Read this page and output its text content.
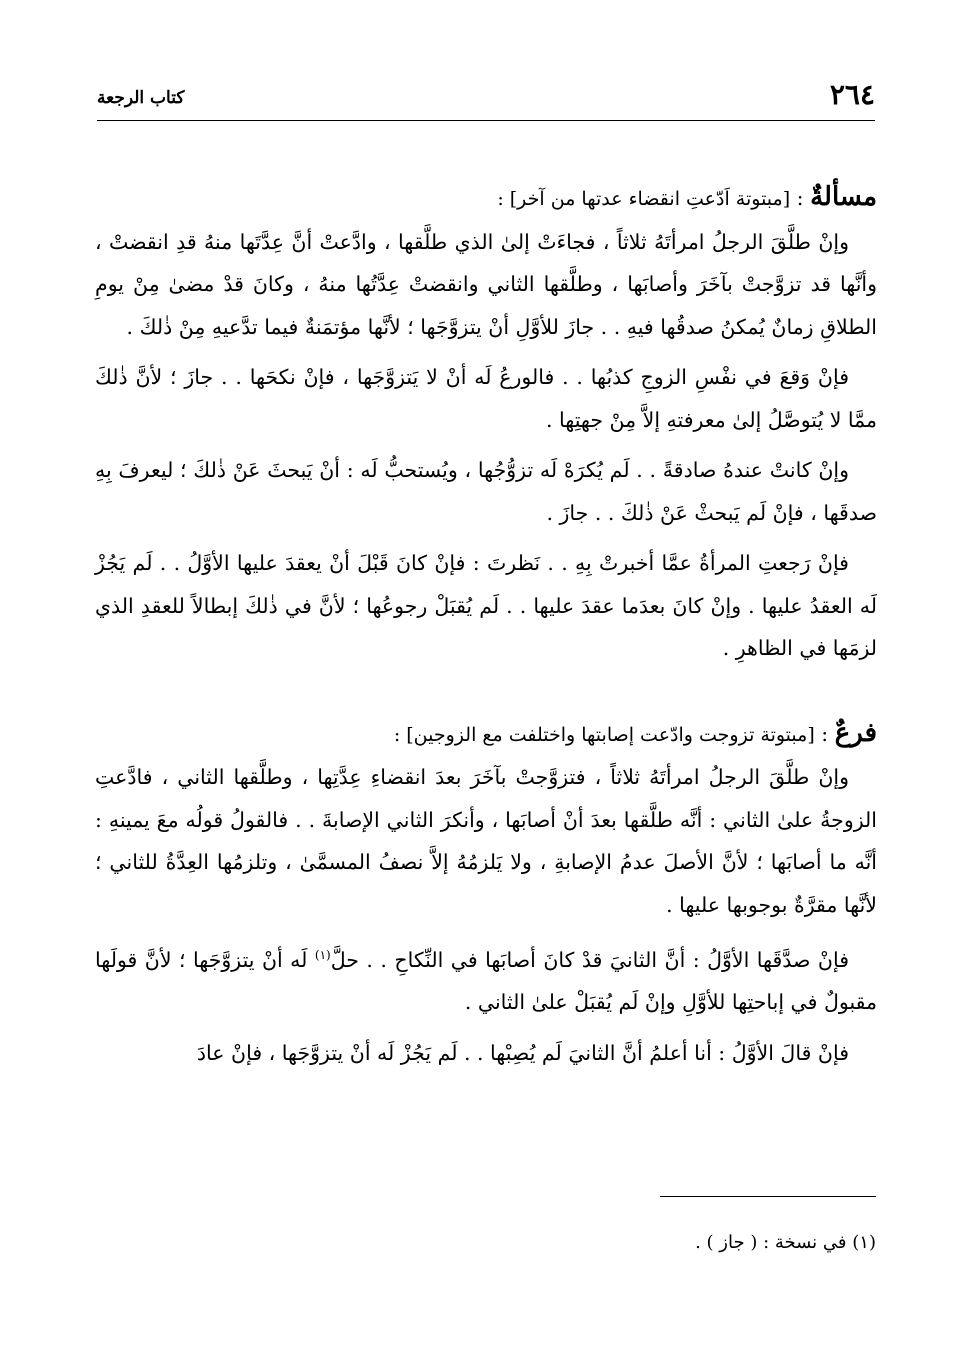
٢٦٤
كتاب الرجعة

مسألةٌ : [مبتوتة اَدّعتِ انقضاء عدتها من آخر] :

وإنْ طلَّقَ الرجلُ امرأتَهُ ثلاثاً ، فجاءَتْ إلىٰ الذي طلَّقها ، وادَّعتْ أنَّ عِدَّتَها منهُ قدِ انقضتْ ، وأنَّها قد تزوَّجتْ بآخَرَ وأصابَها ، وطلَّقها الثاني وانقضتْ عِدَّتُها منهُ ، وكانَ قدْ مضىٰ مِنْ يومِ الطلاقِ زمانٌ يُمكنُ صدقُها فيهِ . . جازَ للأوَّلِ أنْ يتزوَّجَها ؛ لأنَّها مؤتمَنةٌ فيما تدَّعيهِ مِنْ ذٰلكَ .

فإنْ وَقعَ في نفْسِ الزوجِ كذبُها . . فالورعُ لَه أنْ لا يَتزوَّجَها ، فإنْ نكحَها . . جازَ ؛ لأنَّ ذٰلكَ ممَّا لا يُتوصَّلُ إلىٰ معرفتهِ إلاَّ مِنْ جهتِها .

وإنْ كانتْ عندهُ صادقةً . . لَم يُكرَهْ لَه تزوُّجُها ، ويُستحبُّ لَه : أنْ يَبحثَ عَنْ ذٰلكَ ؛ ليعرفَ بِهِ صدقَها ، فإنْ لَم يَبحثْ عَنْ ذٰلكَ . . جازَ .

فإنْ رَجعتِ المرأةُ عمَّا أخبرتْ بِهِ . . نَظرتَ : فإنْ كانَ قَبْلَ أنْ يعقدَ عليها الأوَّلُ . . لَم يَجُزْ لَه العقدُ عليها . وإنْ كانَ بعدَما عقدَ عليها . . لَم يُقبَلْ رجوعُها ؛ لأنَّ في ذٰلكَ إبطالاً للعقدِ الذي لزمَها في الظاهرِ .

فرعٌ : [مبتوتة تزوجت وادّعت إصابتها واختلفت مع الزوجين] :

وإنْ طلَّقَ الرجلُ امرأتَهُ ثلاثاً ، فتزوَّجتْ بآخَرَ بعدَ انقضاءِ عِدَّتِها ، وطلَّقها الثاني ، فادَّعتِ الزوجةُ علىٰ الثاني : أنَّه طلَّقها بعدَ أنْ أصابَها ، وأنكرَ الثاني الإصابةَ . . فالقولُ قولُه معَ يمينهِ : أنَّه ما أصابَها ؛ لأنَّ الأصلَ عدمُ الإصابةِ ، ولا يَلزمُهُ إلاَّ نصفُ المسمَّىٰ ، وتلزمُها العِدَّةُ للثاني ؛ لأنَّها مقرَّةٌ بوجوبها عليها .

فإنْ صدَّقَها الأوَّلُ : أنَّ الثانيَ قدْ كانَ أصابَها في النِّكاحِ . . حلَّ$^{(١)}$ لَه أنْ يتزوَّجَها ؛ لأنَّ قولَها مقبولٌ في إباحتِها للأوَّلِ وإنْ لَم يُقبَلْ علىٰ الثاني .

فإنْ قالَ الأوَّلُ : أنا أعلمُ أنَّ الثانيَ لَم يُصِبْها . . لَم يَجُزْ لَه أنْ يتزوَّجَها ، فإنْ عادَ

(١) في نسخة : ( جاز ) .
